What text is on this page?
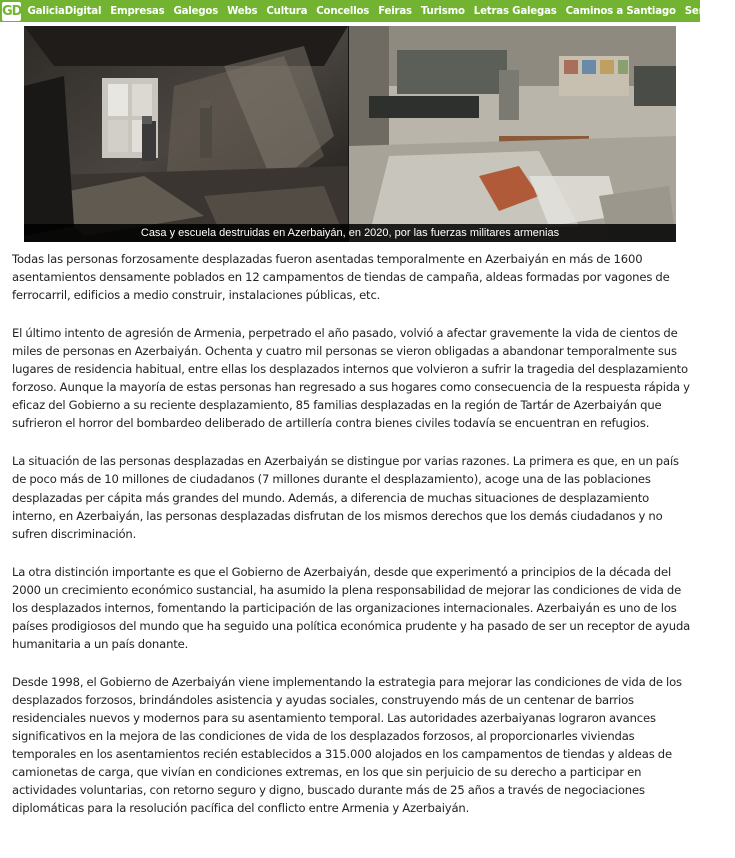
GD GaliciaDigital Empresas Galegos Webs Cultura Concellos Feiras Turismo Letras Galegas Caminos a Santiago Servicios
Casa y escuela destruidas en Azerbaiyán, en 2020, por las fuerzas militares armenias

Todas las personas forzosamente desplazadas fueron asentadas temporalmente en Azerbaiyán en más de 1600 asentamientos densamente poblados en 12 campamentos de tiendas de campaña, aldeas formadas por vagones de ferrocarril, edificios a medio construir, instalaciones públicas, etc.

El último intento de agresión de Armenia, perpetrado el año pasado, volvió a afectar gravemente la vida de cientos de miles de personas en Azerbaiyán. Ochenta y cuatro mil personas se vieron obligadas a abandonar temporalmente sus lugares de residencia habitual, entre ellas los desplazados internos que volvieron a sufrir la tragedia del desplazamiento forzoso. Aunque la mayoría de estas personas han regresado a sus hogares como consecuencia de la respuesta rápida y eficaz del Gobierno a su reciente desplazamiento, 85 familias desplazadas en la región de Tartár de Azerbaiyán que sufrieron el horror del bombardeo deliberado de artillería contra bienes civiles todavía se encuentran en refugios.

La situación de las personas desplazadas en Azerbaiyán se distingue por varias razones. La primera es que, en un país de poco más de 10 millones de ciudadanos (7 millones durante el desplazamiento), acoge una de las poblaciones desplazadas per cápita más grandes del mundo. Además, a diferencia de muchas situaciones de desplazamiento interno, en Azerbaiyán, las personas desplazadas disfrutan de los mismos derechos que los demás ciudadanos y no sufren discriminación.

La otra distinción importante es que el Gobierno de Azerbaiyán, desde que experimentó a principios de la década del 2000 un crecimiento económico sustancial, ha asumido la plena responsabilidad de mejorar las condiciones de vida de los desplazados internos, fomentando la participación de las organizaciones internacionales. Azerbaiyán es uno de los países prodigiosos del mundo que ha seguido una política económica prudente y ha pasado de ser un receptor de ayuda humanitaria a un país donante.

Desde 1998, el Gobierno de Azerbaiyán viene implementando la estrategia para mejorar las condiciones de vida de los desplazados forzosos, brindándoles asistencia y ayudas sociales, construyendo más de un centenar de barrios residenciales nuevos y modernos para su asentamiento temporal. Las autoridades azerbaiyanas lograron avances significativos en la mejora de las condiciones de vida de los desplazados forzosos, al proporcionarles viviendas temporales en los asentamientos recién establecidos a 315.000 alojados en los campamentos de tiendas y aldeas de camionetas de carga, que vivían en condiciones extremas, en los que sin perjuicio de su derecho a participar en actividades voluntarias, con retorno seguro y digno, buscado durante más de 25 años a través de negociaciones diplomáticas para la resolución pacífica del conflicto entre Armenia y Azerbaiyán.
